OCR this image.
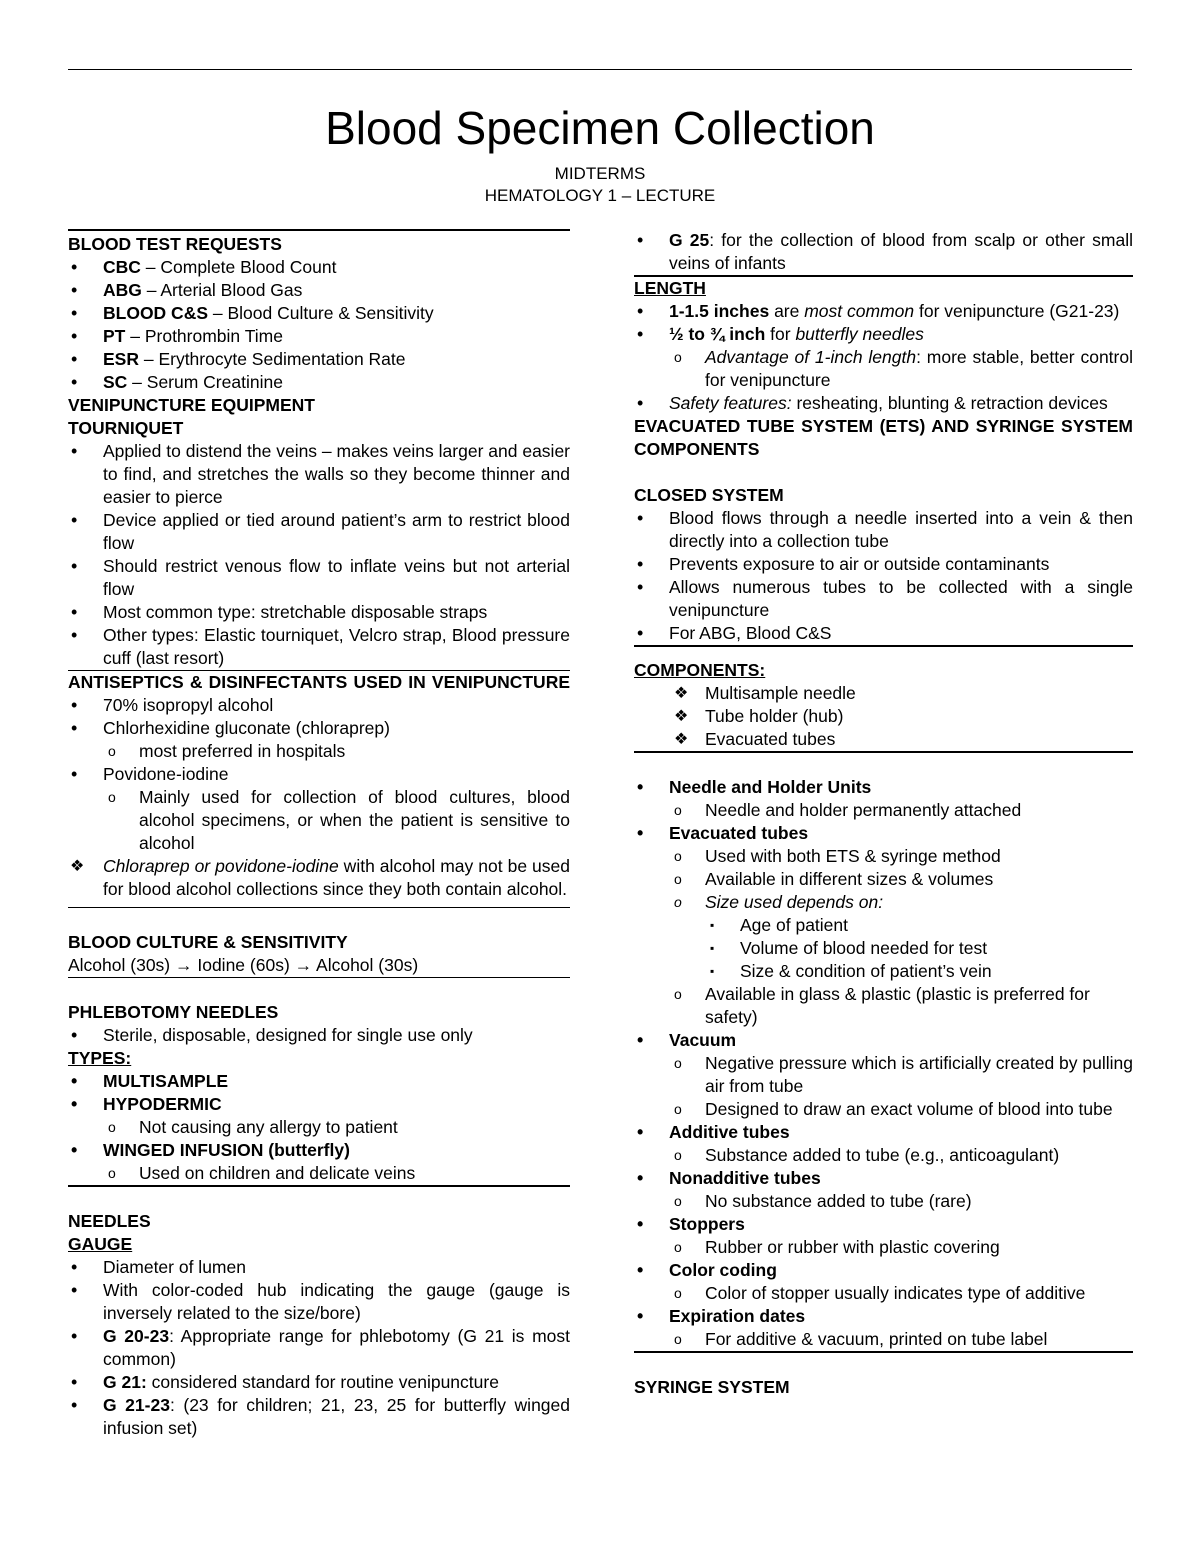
Blood Specimen Collection
MIDTERMS
HEMATOLOGY 1 – LECTURE
BLOOD TEST REQUESTS
• CBC – Complete Blood Count
• ABG – Arterial Blood Gas
• BLOOD C&S – Blood Culture & Sensitivity
• PT – Prothrombin Time
• ESR – Erythrocyte Sedimentation Rate
• SC – Serum Creatinine
VENIPUNCTURE EQUIPMENT
TOURNIQUET
• Applied to distend the veins – makes veins larger and easier to find, and stretches the walls so they become thinner and easier to pierce
• Device applied or tied around patient’s arm to restrict blood flow
• Should restrict venous flow to inflate veins but not arterial flow
• Most common type: stretchable disposable straps
• Other types: Elastic tourniquet, Velcro strap, Blood pressure cuff (last resort)
ANTISEPTICS & DISINFECTANTS USED IN VENIPUNCTURE
• 70% isopropyl alcohol
• Chlorhexidine gluconate (chloraprep)
o most preferred in hospitals
• Povidone-iodine
o Mainly used for collection of blood cultures, blood alcohol specimens, or when the patient is sensitive to alcohol
❖ Chloraprep or povidone-iodine with alcohol may not be used for blood alcohol collections since they both contain alcohol.
BLOOD CULTURE & SENSITIVITY
Alcohol (30s) → Iodine (60s) → Alcohol (30s)
PHLEBOTOMY NEEDLES
• Sterile, disposable, designed for single use only
TYPES:
• MULTISAMPLE
• HYPODERMIC
o Not causing any allergy to patient
• WINGED INFUSION (butterfly)
o Used on children and delicate veins
NEEDLES
GAUGE
• Diameter of lumen
• With color-coded hub indicating the gauge (gauge is inversely related to the size/bore)
• G 20-23: Appropriate range for phlebotomy (G 21 is most common)
• G 21: considered standard for routine venipuncture
• G 21-23: (23 for children; 21, 23, 25 for butterfly winged infusion set)
• G 25: for the collection of blood from scalp or other small veins of infants
LENGTH
• 1-1.5 inches are most common for venipuncture (G21-23)
• ½ to ¾ inch for butterfly needles
o Advantage of 1-inch length: more stable, better control for venipuncture
• Safety features: resheating, blunting & retraction devices
EVACUATED TUBE SYSTEM (ETS) AND SYRINGE SYSTEM COMPONENTS
CLOSED SYSTEM
• Blood flows through a needle inserted into a vein & then directly into a collection tube
• Prevents exposure to air or outside contaminants
• Allows numerous tubes to be collected with a single venipuncture
• For ABG, Blood C&S
COMPONENTS:
❖ Multisample needle
❖ Tube holder (hub)
❖ Evacuated tubes
• Needle and Holder Units
o Needle and holder permanently attached
• Evacuated tubes
o Used with both ETS & syringe method
o Available in different sizes & volumes
o Size used depends on:
▪ Age of patient
▪ Volume of blood needed for test
▪ Size & condition of patient’s vein
o Available in glass & plastic (plastic is preferred for safety)
• Vacuum
o Negative pressure which is artificially created by pulling air from tube
o Designed to draw an exact volume of blood into tube
• Additive tubes
o Substance added to tube (e.g., anticoagulant)
• Nonadditive tubes
o No substance added to tube (rare)
• Stoppers
o Rubber or rubber with plastic covering
• Color coding
o Color of stopper usually indicates type of additive
• Expiration dates
o For additive & vacuum, printed on tube label
SYRINGE SYSTEM
